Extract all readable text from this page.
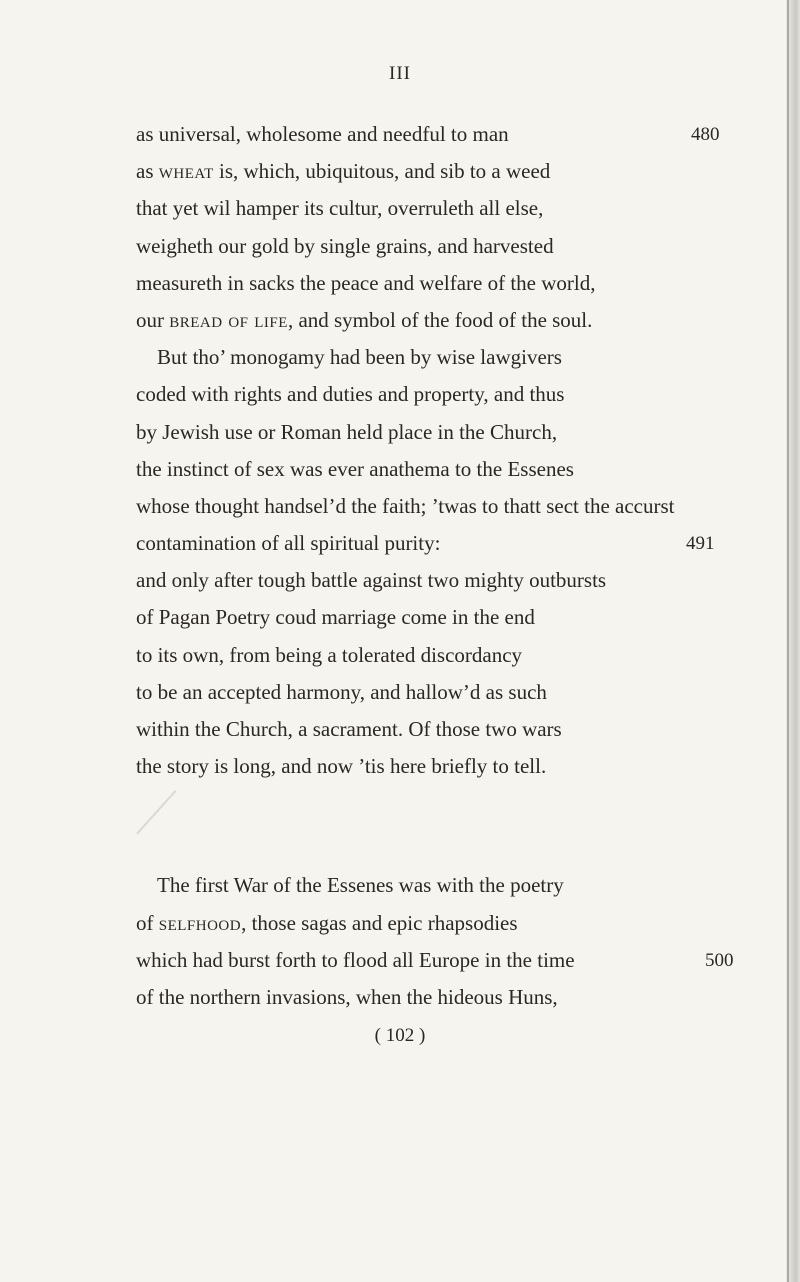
III
as universal, wholesome and needful to man	480
as wheat is, which, ubiquitous, and sib to a weed
that yet wil hamper its cultur, overruleth all else,
weigheth our gold by single grains, and harvested
measureth in sacks the peace and welfare of the world,
our bread of life, and symbol of the food of the soul.
But tho’ monogamy had been by wise lawgivers
coded with rights and duties and property, and thus
by Jewish use or Roman held place in the Church,
the instinct of sex was ever anathema to the Essenes
whose thought handsel’d the faith; ’twas to thatt sect the accurst
contamination of all spiritual purity:	491
and only after tough battle against two mighty outbursts
of Pagan Poetry coud marriage come in the end
to its own, from being a tolerated discordancy
to be an accepted harmony, and hallow’d as such
within the Church, a sacrament. Of those two wars
the story is long, and now ’tis here briefly to tell.
The first War of the Essenes was with the poetry
of selfhood, those sagas and epic rhapsodies
which had burst forth to flood all Europe in the time	500
of the northern invasions, when the hideous Huns,
( 102 )
